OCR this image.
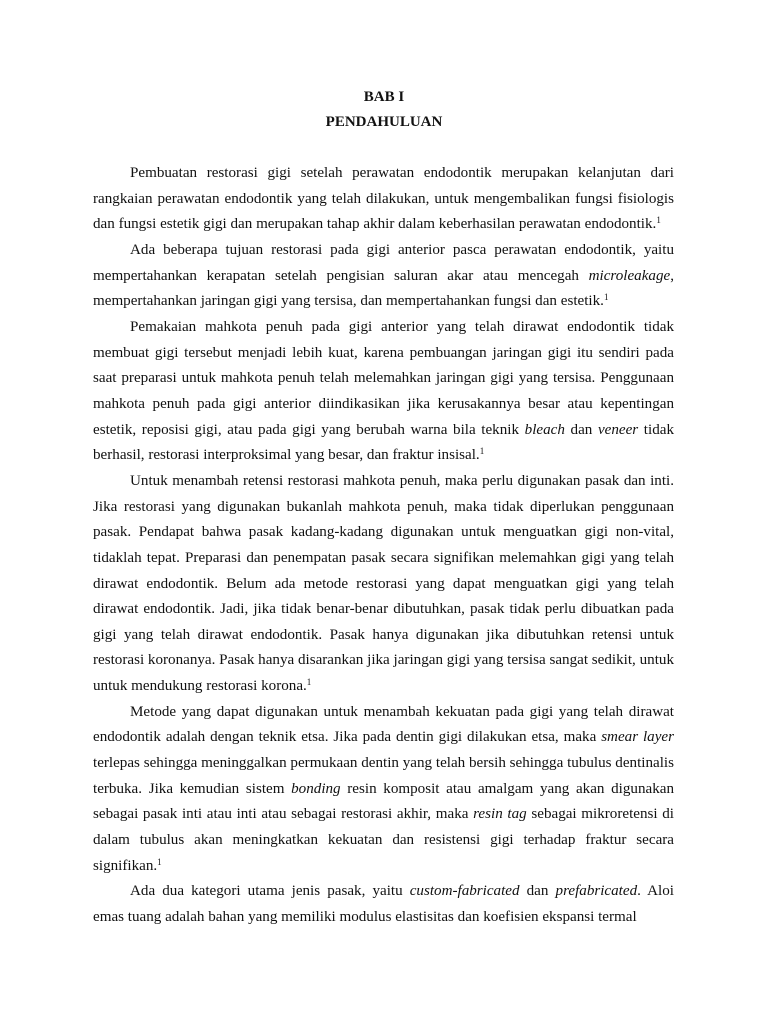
BAB I
PENDAHULUAN

Pembuatan restorasi gigi setelah perawatan endodontik merupakan kelanjutan dari rangkaian perawatan endodontik yang telah dilakukan, untuk mengembalikan fungsi fisiologis dan fungsi estetik gigi dan merupakan tahap akhir dalam keberhasilan perawatan endodontik.$^1$

Ada beberapa tujuan restorasi pada gigi anterior pasca perawatan endodontik, yaitu mempertahankan kerapatan setelah pengisian saluran akar atau mencegah microleakage, mempertahankan jaringan gigi yang tersisa, dan mempertahankan fungsi dan estetik.$^1$

Pemakaian mahkota penuh pada gigi anterior yang telah dirawat endodontik tidak membuat gigi tersebut menjadi lebih kuat, karena pembuangan jaringan gigi itu sendiri pada saat preparasi untuk mahkota penuh telah melemahkan jaringan gigi yang tersisa. Penggunaan mahkota penuh pada gigi anterior diindikasikan jika kerusakannya besar atau kepentingan estetik, reposisi gigi, atau pada gigi yang berubah warna bila teknik bleach dan veneer tidak berhasil, restorasi interproksimal yang besar, dan fraktur insisal.$^1$

Untuk menambah retensi restorasi mahkota penuh, maka perlu digunakan pasak dan inti. Jika restorasi yang digunakan bukanlah mahkota penuh, maka tidak diperlukan penggunaan pasak. Pendapat bahwa pasak kadang-kadang digunakan untuk menguatkan gigi non-vital, tidaklah tepat. Preparasi dan penempatan pasak secara signifikan melemahkan gigi yang telah dirawat endodontik. Belum ada metode restorasi yang dapat menguatkan gigi yang telah dirawat endodontik. Jadi, jika tidak benar-benar dibutuhkan, pasak tidak perlu dibuatkan pada gigi yang telah dirawat endodontik. Pasak hanya digunakan jika dibutuhkan retensi untuk restorasi koronanya. Pasak hanya disarankan jika jaringan gigi yang tersisa sangat sedikit, untuk untuk mendukung restorasi korona.$^1$

Metode yang dapat digunakan untuk menambah kekuatan pada gigi yang telah dirawat endodontik adalah dengan teknik etsa. Jika pada dentin gigi dilakukan etsa, maka smear layer terlepas sehingga meninggalkan permukaan dentin yang telah bersih sehingga tubulus dentinalis terbuka. Jika kemudian sistem bonding resin komposit atau amalgam yang akan digunakan sebagai pasak inti atau inti atau sebagai restorasi akhir, maka resin tag sebagai mikroretensi di dalam tubulus akan meningkatkan kekuatan dan resistensi gigi terhadap fraktur secara signifikan.$^1$

Ada dua kategori utama jenis pasak, yaitu custom-fabricated dan prefabricated. Aloi emas tuang adalah bahan yang memiliki modulus elastisitas dan koefisien ekspansi termal
